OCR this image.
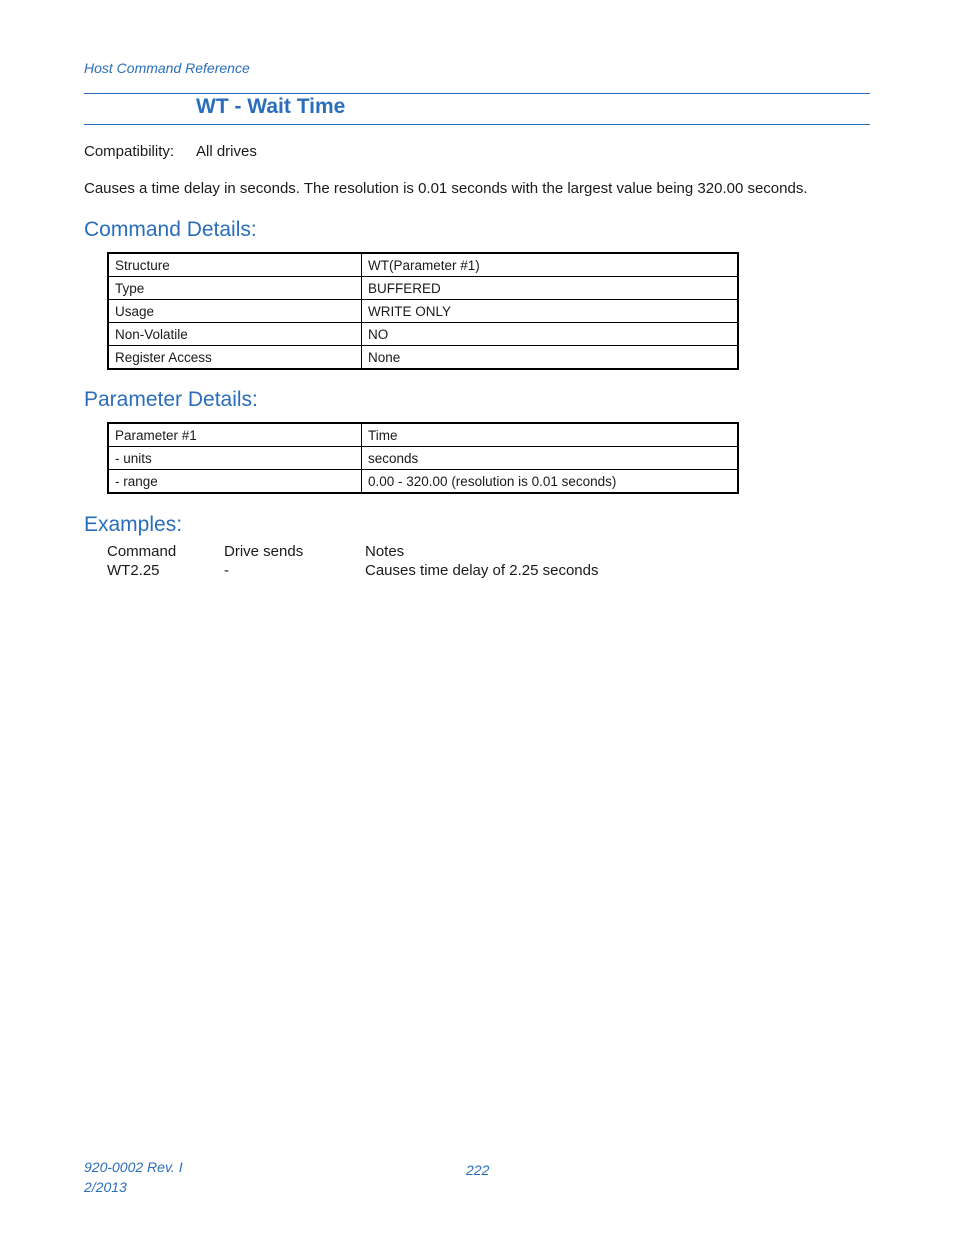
Host Command Reference
WT - Wait Time
Compatibility: All drives
Causes a time delay in seconds. The resolution is 0.01 seconds with the largest value being 320.00 seconds.
Command Details:
Structure	WT(Parameter #1)
Type	BUFFERED
Usage	WRITE ONLY
Non-Volatile	NO
Register Access	None
Parameter Details:
Parameter #1	Time
- units	seconds
- range	0.00 - 320.00 (resolution is 0.01 seconds)
Examples:
Command	Drive sends	Notes
WT2.25	-	Causes time delay of 2.25 seconds
920-0002 Rev. I
2/2013
222
